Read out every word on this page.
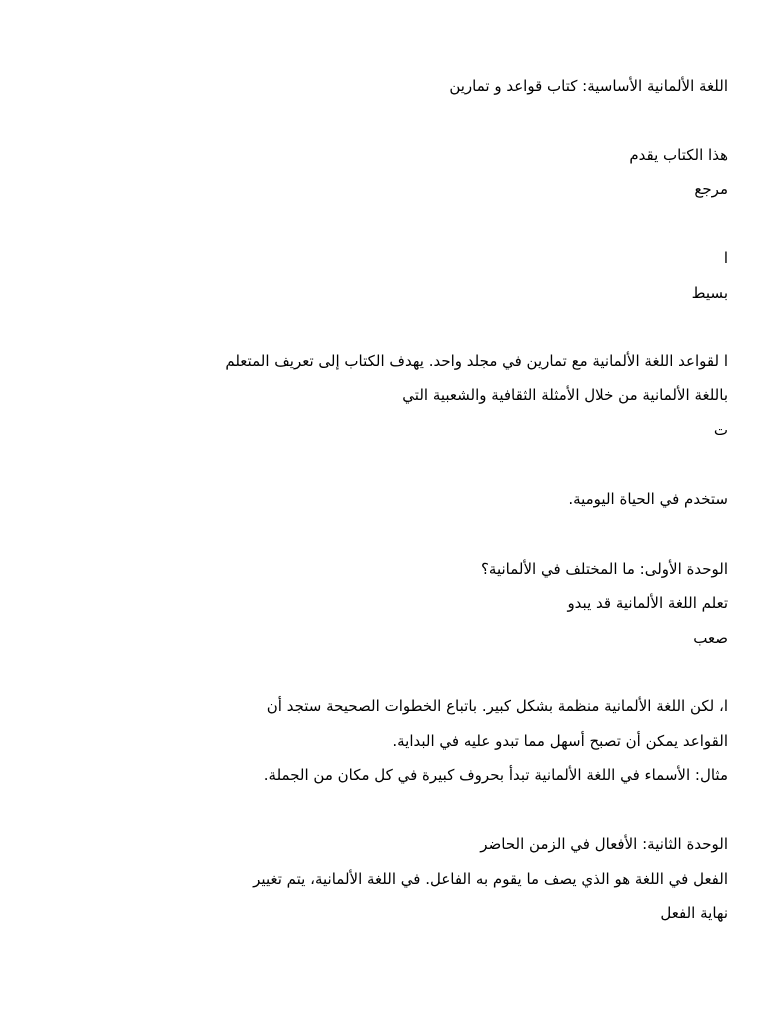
اللغة الألمانية الأساسية: كتاب قواعد و تمارين
هذا الكتاب يقدم
مرجع
ا
بسيط
ا لقواعد اللغة الألمانية مع تمارين في مجلد واحد. يهدف الكتاب إلى تعريف المتعلم
باللغة الألمانية من خلال الأمثلة الثقافية والشعبية التي
ت
ستخدم في الحياة اليومية.
الوحدة الأولى: ما المختلف في الألمانية؟
تعلم اللغة الألمانية قد يبدو
صعب
ا، لكن اللغة الألمانية منظمة بشكل كبير. باتباع الخطوات الصحيحة ستجد أن
القواعد يمكن أن تصبح أسهل مما تبدو عليه في البداية.
مثال: الأسماء في اللغة الألمانية تبدأ بحروف كبيرة في كل مكان من الجملة.
الوحدة الثانية: الأفعال في الزمن الحاضر
الفعل في اللغة هو الذي يصف ما يقوم به الفاعل. في اللغة الألمانية، يتم تغيير
نهاية الفعل
